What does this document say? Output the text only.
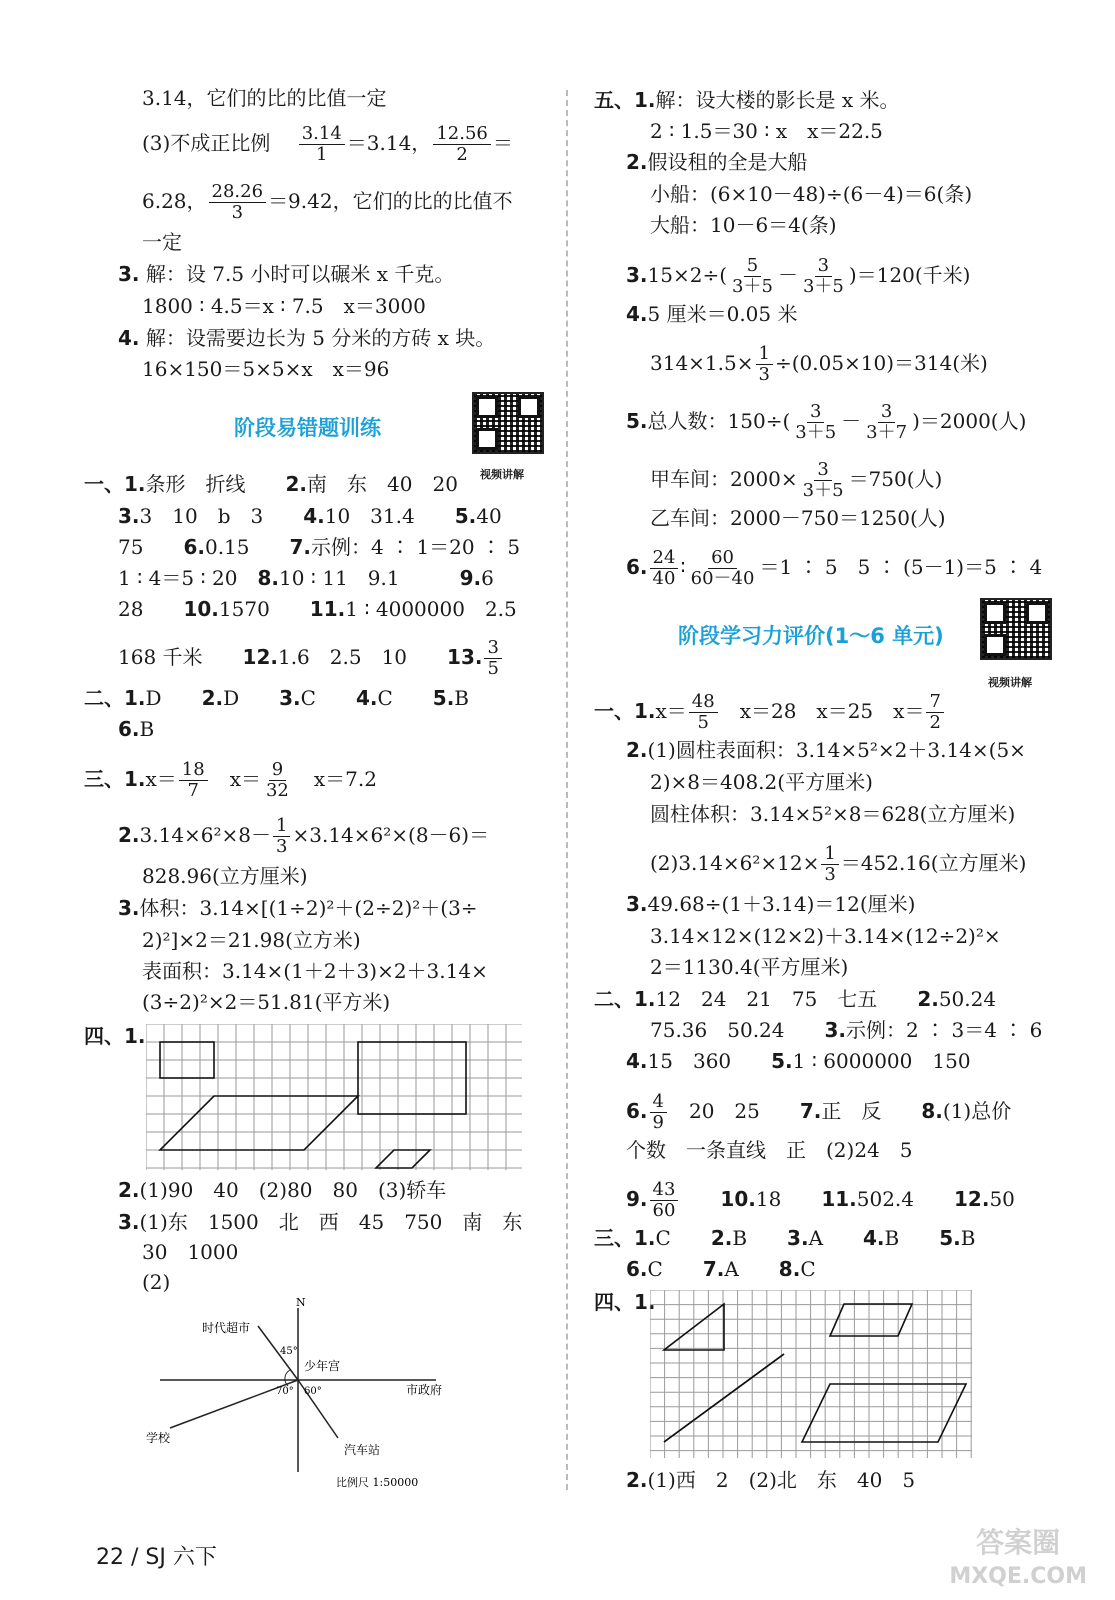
3.14，它们的比的比值一定
(3)不成正比例　 $\frac{3.14}{1} =3.14$， $\frac{12.56}{2}$ ＝
6.28， $\frac{28.26}{3} =9.42$，它们的比的比值不
一定
3. 解：设 7.5 小时可以碾米 x 千克。
1800 ∶ 4.5＝x ∶ 7.5　x＝3000
4. 解：设需要边长为 5 分米的方砖 x 块。
16×150＝5×5×x　x＝96
阶段易错题训练
视频讲解
一、1.条形　折线　　 2.南　东　40　20
3.3　10　b　3　　 4.10　31.4　　 5.40
75　　 6.0.15　　 7.示例：4 ∶ 1＝20 ∶ 5
1 ∶ 4＝5 ∶ 20　 8.10 ∶ 11　9.1　　　	9.6
28　　 10.1570　　 11.1 ∶ 4000000　2.5
168 千米　　 12.1.6　2.5　10　　 13. $\frac{3}{5}$
二、1.D　　 2.D　　 3.C　　 4.C　　 5.B
6.B
三、$1.x= \frac{18}{7}$
　 $x= \frac{9}{32}$
　 x＝7.2
$2.3.14\times 6^2\times 8- \frac{1}{3} \times 3.14\times 6^2\times(8-6)=$
828.96(立方厘米)
3.体积：3.14×[(1÷2)²＋(2÷2)²＋(3÷
2)²]×2＝21.98(立方米)
表面积：3.14×(1＋2＋3)×2＋3.14×
(3÷2)²×2＝51.81(平方米)
四、1.
2.(1)90　40　(2)80　80　(3)轿车
3.(1)东　1500　北　西　45　750　南　东
30　1000
(2)
N
45°
70° 60°
时代超市
少年宫
市政府
学校
汽车站
比例尺 1:50000
五、1.解：设大楼的影长是 x 米。
2 ∶ 1.5＝30 ∶ x　x＝22.5
2.假设租的全是大船
小船：(6×10－48)÷(6－4)＝6(条)
大船：10－6＝4(条)
$3.15\times 2\div( \frac{5}{3+5} - \frac{3}{3+5} )=120$(千米)
4.5 厘米＝0.05 米
$314\times 1.5\times \frac{1}{3} \div(0.05\times 10)=314$(米)
5.总人数：$150\div( \frac{3}{3+5} - \frac{3}{3+7} )=2000$(人)
甲车间：$2000\times \frac{3}{3+5} =750$(人)
乙车间：2000－750＝1250(人)
6. $\frac{24}{40}$ ∶ $\frac{60}{60-40} =1$ ∶ 5　5 ∶ (5－1)＝5 ∶ 4
阶段学习力评价(1～6 单元)
视频讲解
一、$1.x= \frac{48}{5}$
　 x＝28　x＝25　$x= \frac{7}{2}$
2.(1)圆柱表面积：3.14×5²×2＋3.14×(5×
2)×8＝408.2(平方厘米)
圆柱体积：3.14×5²×8＝628(立方厘米)
$(2)3.14\times 6^2\times 12\times \frac{1}{3} =452.16$(立方厘米)
3.49.68÷(1＋3.14)＝12(厘米)
3.14×12×(12×2)＋3.14×(12÷2)²×
2＝1130.4(平方厘米)
二、1.12　24　21　75　七五　　 2.50.24
75.36　50.24　　 3.示例：2 ∶ 3＝4 ∶ 6
4.15　360　　 5.1 ∶ 6000000　150
6. $\frac{4}{9}$
　 20　25　　 7.正　反　　 8.(1)总价
个数　一条直线　正　(2)24　5
9. $\frac{43}{60}$
　　 10.18　　 11.502.4　　 12.50
三、1.C　　 2.B　　 3.A　　 4.B　　 5.B
6.C　　 7.A　　 8.C
四、1.
2.(1)西　2　(2)北　东　40　5
22 / SJ 六下	答案圈
MXQE.COM
